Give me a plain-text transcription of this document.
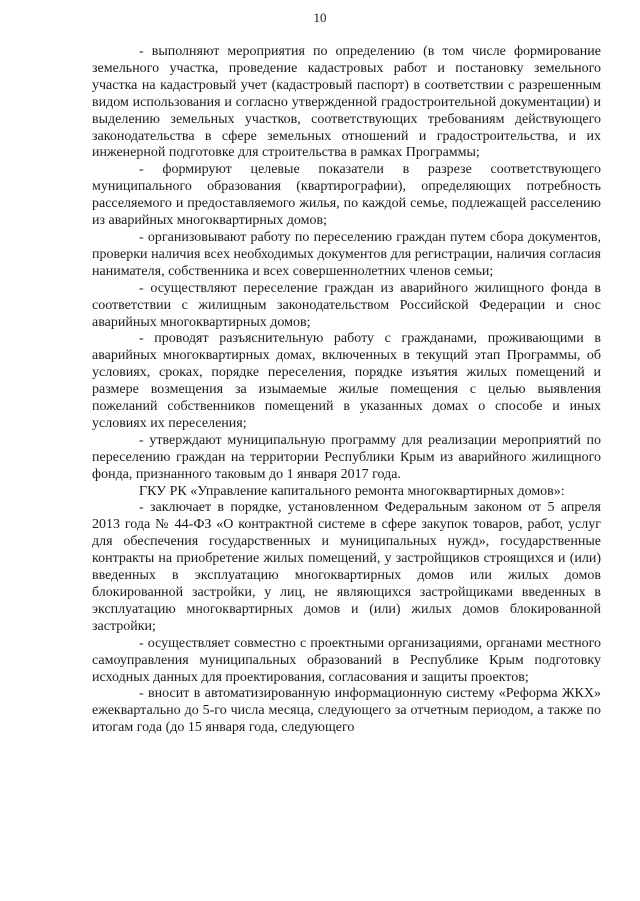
10

- выполняют мероприятия по определению (в том числе формирование земельного участка, проведение кадастровых работ и постановку земельного участка на кадастровый учет (кадастровый паспорт) в соответствии с разрешенным видом использования и согласно утвержденной градостроительной документации) и выделению земельных участков, соответствующих требованиям действующего законодательства в сфере земельных отношений и градостроительства, и их инженерной подготовке для строительства в рамках Программы;

- формируют целевые показатели в разрезе соответствующего муниципального образования (квартирографии), определяющих потребность расселяемого и предоставляемого жилья, по каждой семье, подлежащей расселению из аварийных многоквартирных домов;

- организовывают работу по переселению граждан путем сбора документов, проверки наличия всех необходимых документов для регистрации, наличия согласия нанимателя, собственника и всех совершеннолетних членов семьи;

- осуществляют переселение граждан из аварийного жилищного фонда в соответствии с жилищным законодательством Российской Федерации и снос аварийных многоквартирных домов;

- проводят разъяснительную работу с гражданами, проживающими в аварийных многоквартирных домах, включенных в текущий этап Программы, об условиях, сроках, порядке переселения, порядке изъятия жилых помещений и размере возмещения за изымаемые жилые помещения с целью выявления пожеланий собственников помещений в указанных домах о способе и иных условиях их переселения;

- утверждают муниципальную программу для реализации мероприятий по переселению граждан на территории Республики Крым из аварийного жилищного фонда, признанного таковым до 1 января 2017 года.

ГКУ РК «Управление капитального ремонта многоквартирных домов»:

- заключает в порядке, установленном Федеральным законом от 5 апреля 2013 года № 44-ФЗ «О контрактной системе в сфере закупок товаров, работ, услуг для обеспечения государственных и муниципальных нужд», государственные контракты на приобретение жилых помещений, у застройщиков строящихся и (или) введенных в эксплуатацию многоквартирных домов или жилых домов блокированной застройки, у лиц, не являющихся застройщиками введенных в эксплуатацию многоквартирных домов и (или) жилых домов блокированной застройки;

- осуществляет совместно с проектными организациями, органами местного самоуправления муниципальных образований в Республике Крым подготовку исходных данных для проектирования, согласования и защиты проектов;

- вносит в автоматизированную информационную систему «Реформа ЖКХ» ежеквартально до 5-го числа месяца, следующего за отчетным периодом, а также по итогам года (до 15 января года, следующего
